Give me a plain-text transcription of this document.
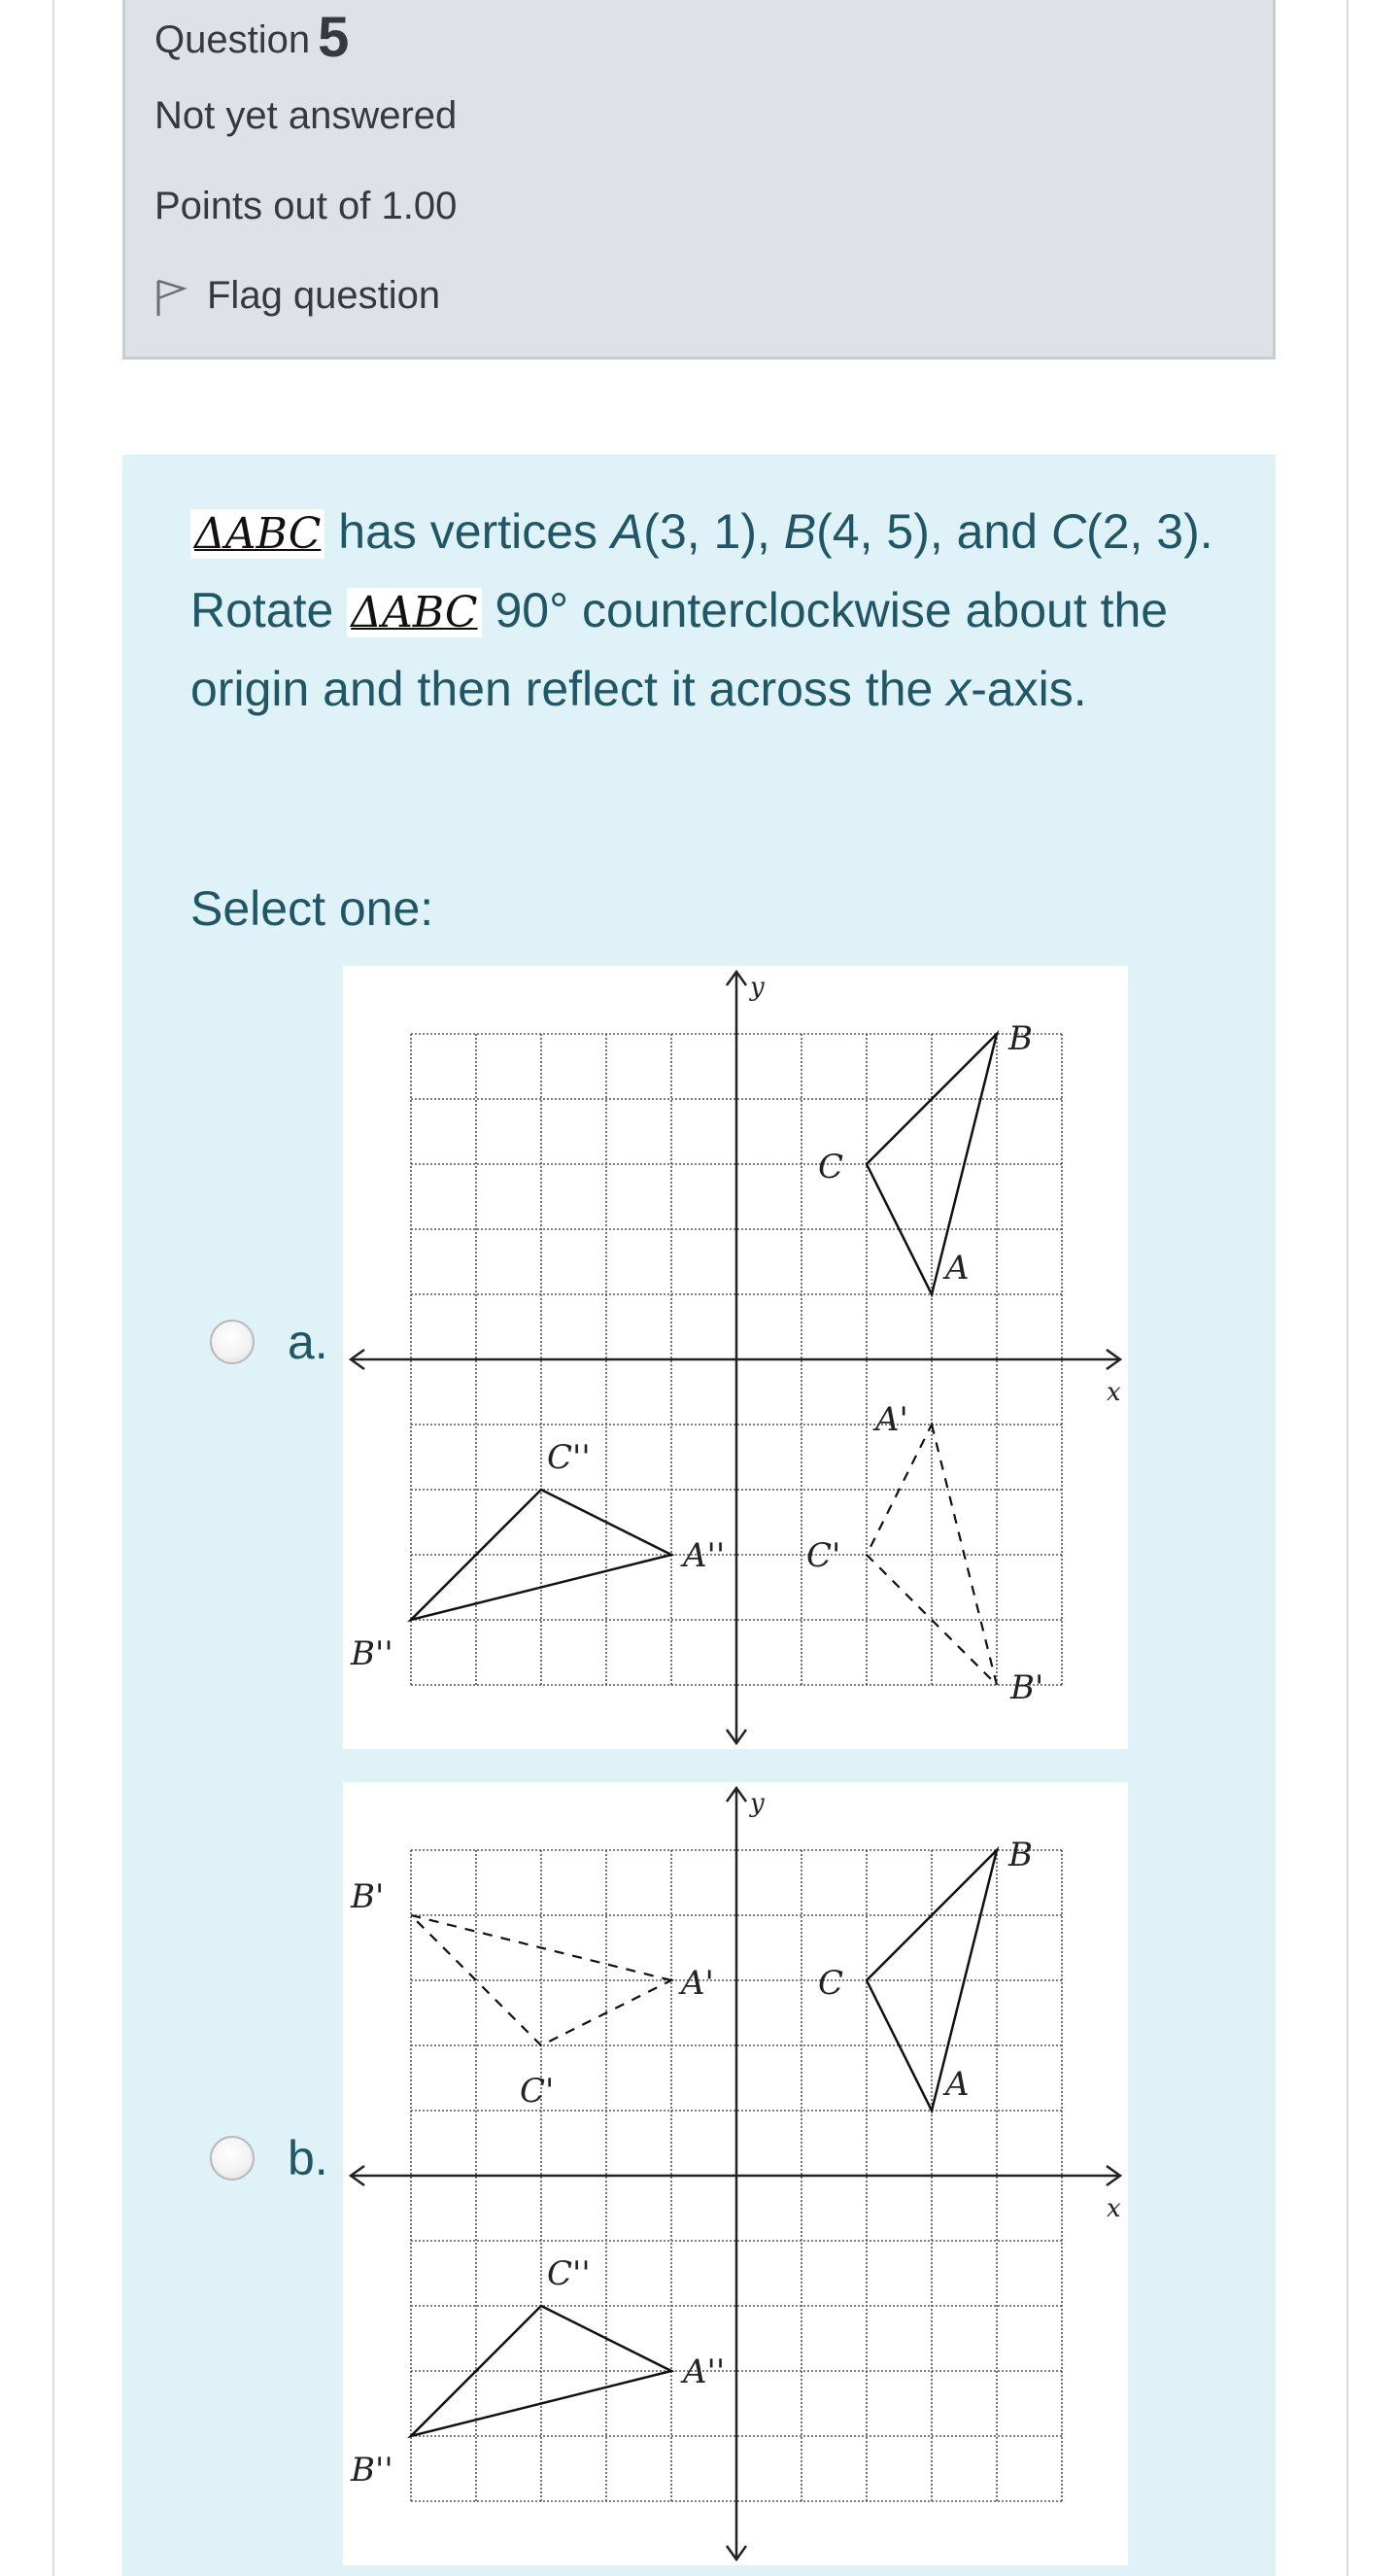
Question 5
Not yet answered
Points out of 1.00
Flag question
ΔABC has vertices A(3, 1), B(4, 5), and C(2, 3). Rotate ΔABC 90° counterclockwise about the origin and then reflect it across the x-axis.
Select one:
a.
x
y
A
B
C
A'
B'
C'
A''
B''
C''
b.
x
y
A
B
C
A'
B'
C'
A''
B''
C''
